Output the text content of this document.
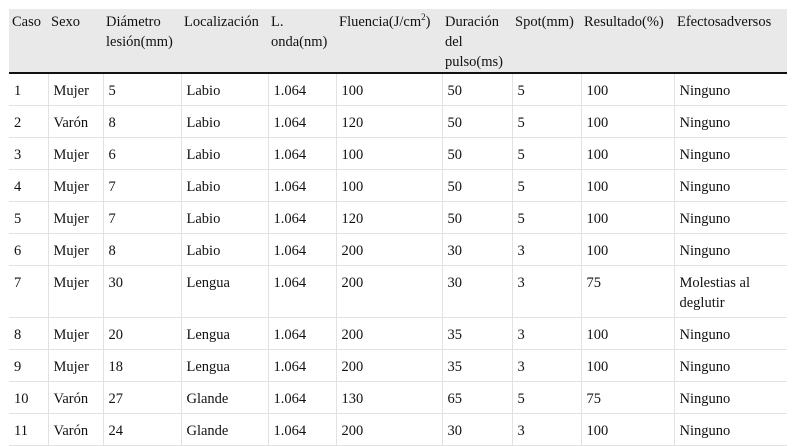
Caso	Sexo	Diámetro lesión(mm)	Localización	L. onda(nm)	$Fluencia(J/cm^2)$	Duración del pulso(ms)	Spot(mm)	Resultado(%)	Efectosadversos
1	Mujer	5	Labio	1.064	100	50	5	100	Ninguno
2	Varón	8	Labio	1.064	120	50	5	100	Ninguno
3	Mujer	6	Labio	1.064	100	50	5	100	Ninguno
4	Mujer	7	Labio	1.064	100	50	5	100	Ninguno
5	Mujer	7	Labio	1.064	120	50	5	100	Ninguno
6	Mujer	8	Labio	1.064	200	30	3	100	Ninguno
7	Mujer	30	Lengua	1.064	200	30	3	75	Molestias al deglutir
8	Mujer	20	Lengua	1.064	200	35	3	100	Ninguno
9	Mujer	18	Lengua	1.064	200	35	3	100	Ninguno
10	Varón	27	Glande	1.064	130	65	5	75	Ninguno
11	Varón	24	Glande	1.064	200	30	3	100	Ninguno
